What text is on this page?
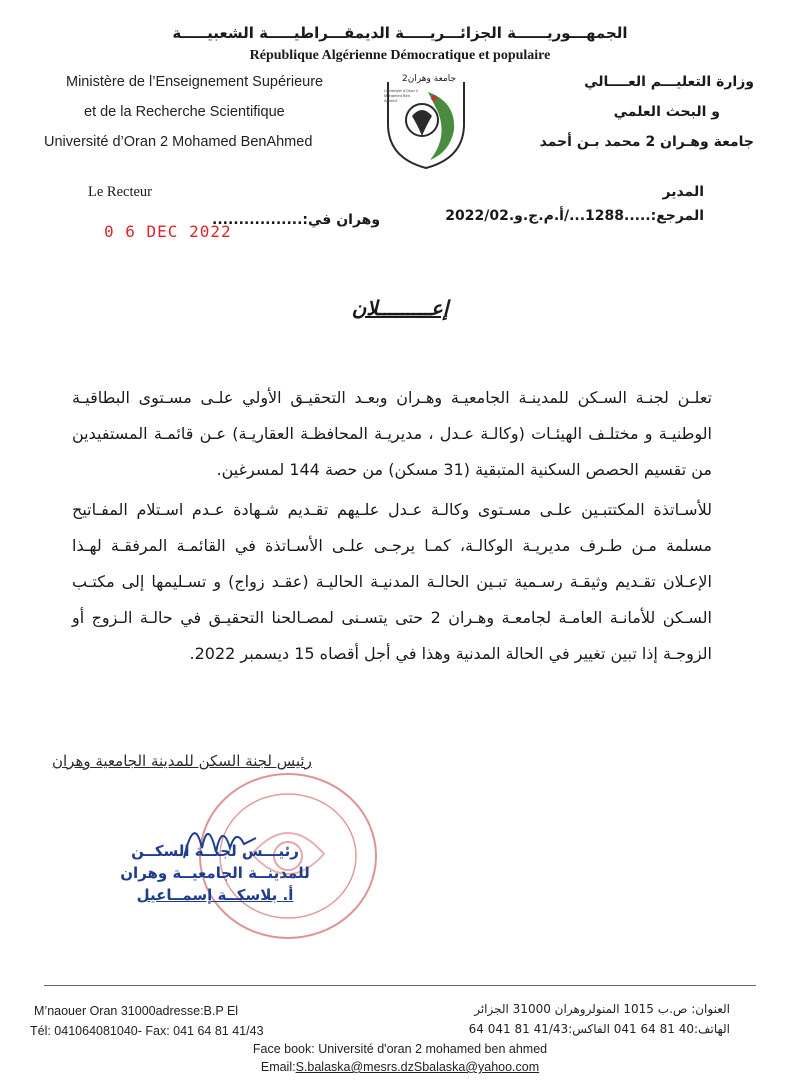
الجمهـــوريــــــة الجزائـــريـــــة الديمقـــراطيـــــة الشعبيـــــة
République Algérienne Démocratique et populaire
Ministère de l’Enseignement Supérieure
et de la Recherche Scientifique
Université d’Oran 2 Mohamed BenAhmed
وزارة التعليـــم العــــالي
و البحث العلمي
جامعة وهـران 2 محمد بـن أحمد
جامعة وهران2
Université d'Oran 2 Mohamed Ben Ahmed
Le Recteur
0 6 DEC 2022
وهران في:.................
المدير
المرجع:.....1288.../أ.م.ج.و.2022/02
إعـــــــــلان

تعلـن لجنـة السـكن للمدينـة الجامعيـة وهـران وبعـد التحقيـق الأولي علـى مسـتوى البطاقيـة الوطنيـة و مختلـف الهيئـات (وكالـة عـدل ، مديريـة المحافظـة العقاريـة) عـن قائمـة المستفيدين من تقسيم الحصص السكنية المتبقية (31 مسكن) من حصة 144 لمسرغين.

للأسـاتذة المكتتبـين علـى مسـتوى وكالـة عـدل علـيهم تقـديم شـهادة عـدم اسـتلام المفـاتيح مسلمة مـن طـرف مديريـة الوكالـة، كمـا يرجـى علـى الأسـاتذة في القائمـة المرفقـة لهـذا الإعـلان تقـديم وثيقـة رسـمية تبـين الحالـة المدنيـة الحاليـة (عقـد زواج) و تسـليمها إلى مكتـب السـكن للأمانـة العامـة لجامعـة وهـران 2 حتى يتسـنى لمصـالحنا التحقيـق في حالـة الـزوج أو الزوجـة إذا تبين تغيير في الحالة المدنية وهذا في أجل أقصاه 15 ديسمبر 2022.

رئيس لجنة السكن للمدينة الجامعية وهران
رئيـــس لجنــة السكــن
للمدينــة الجامعيــة وهران
أ. بلاسكــة إسمــاعيل
M’naouer Oran 31000adresse:B.P El
Tél: 041064081040- Fax: 041 64 81 41/43
العنوان: ص.ب 1015 المنولروهران 31000 الجزائر
الهاتف:40 81 64 041 الفاكس:41/43 81 041 64
Face book: Université d'oran 2 mohamed ben ahmed
Email:S.balaska@mesrs.dzSbalaska@yahoo.com
